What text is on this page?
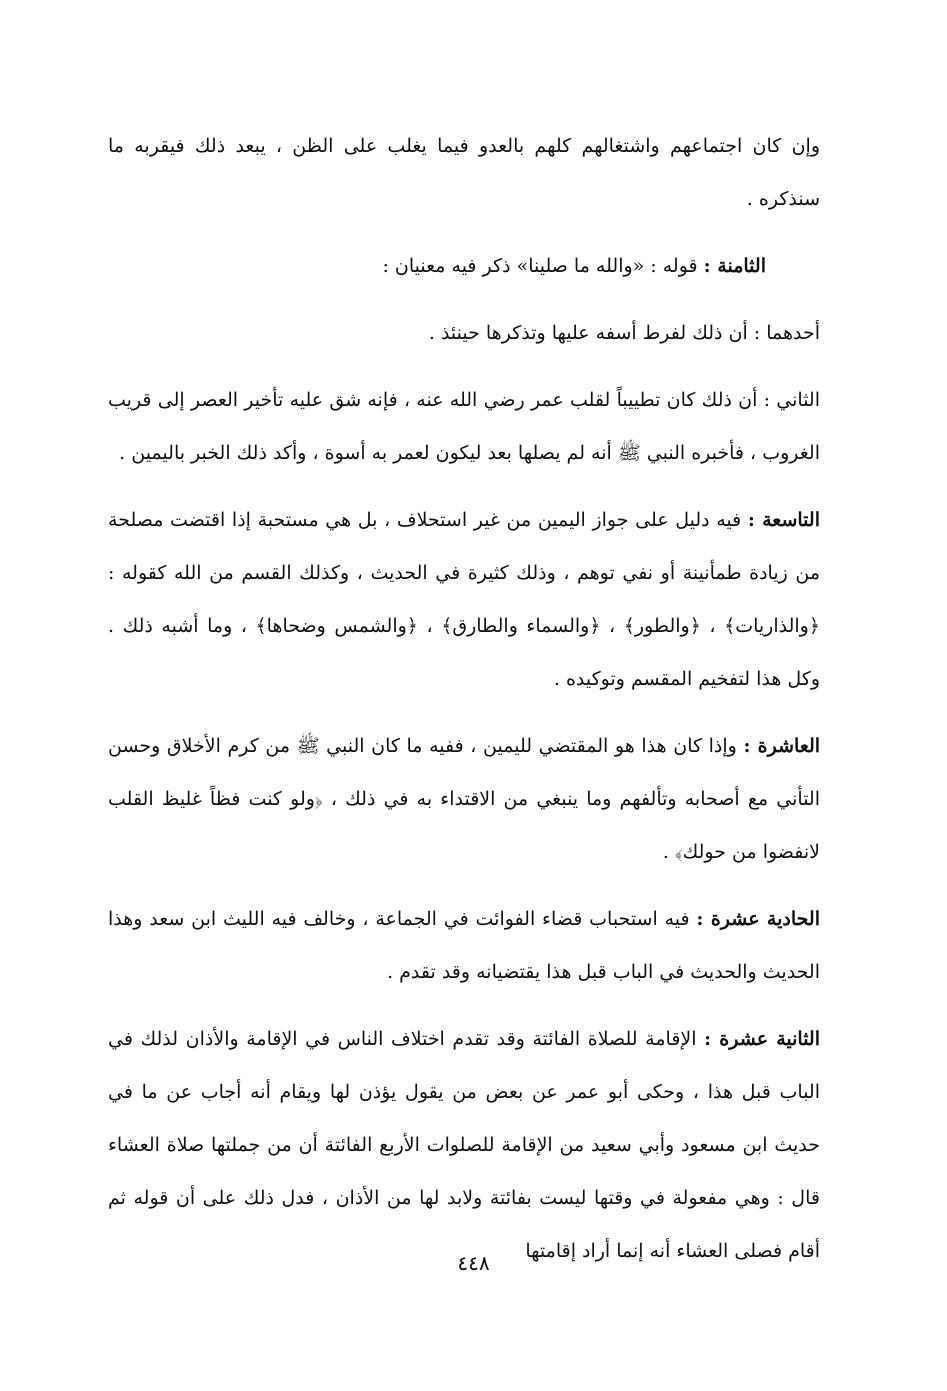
وإن كان اجتماعهم واشتغالهم كلهم بالعدو فيما يغلب على الظن ، يبعد ذلك فيقربه ما سنذكره .

الثامنة : قوله : «والله ما صلينا» ذكر فيه معنيان :

أحدهما : أن ذلك لفرط أسفه عليها وتذكرها حينئذ .

الثاني : أن ذلك كان تطييباً لقلب عمر رضي الله عنه ، فإنه شق عليه تأخير العصر إلى قريب الغروب ، فأخبره النبي ﷺ أنه لم يصلها بعد ليكون لعمر به أسوة ، وأكد ذلك الخبر باليمين .

التاسعة : فيه دليل على جواز اليمين من غير استحلاف ، بل هي مستحبة إذا اقتضت مصلحة من زيادة طمأنينة أو نفي توهم ، وذلك كثيرة في الحديث ، وكذلك القسم من الله كقوله : ﴿والذاريات﴾ ، ﴿والطور﴾ ، ﴿والسماء والطارق﴾ ، ﴿والشمس وضحاها﴾ ، وما أشبه ذلك . وكل هذا لتفخيم المقسم وتوكيده .

العاشرة : وإذا كان هذا هو المقتضي لليمين ، ففيه ما كان النبي ﷺ من كرم الأخلاق وحسن التأني مع أصحابه وتألفهم وما ينبغي من الاقتداء به في ذلك ، ﴿ولو كنت فظاً غليظ القلب لانفضوا من حولك﴾ .

الحادية عشرة : فيه استحباب قضاء الفوائت في الجماعة ، وخالف فيه الليث ابن سعد وهذا الحديث والحديث في الباب قبل هذا يقتضيانه وقد تقدم .

الثانية عشرة : الإقامة للصلاة الفائتة وقد تقدم اختلاف الناس في الإقامة والأذان لذلك في الباب قبل هذا ، وحكى أبو عمر عن بعض من يقول يؤذن لها ويقام أنه أجاب عن ما في حديث ابن مسعود وأبي سعيد من الإقامة للصلوات الأربع الفائتة أن من جملتها صلاة العشاء قال : وهي مفعولة في وقتها ليست بفائتة ولابد لها من الأذان ، فدل ذلك على أن قوله ثم أقام فصلى العشاء أنه إنما أراد إقامتها

٤٤٨
